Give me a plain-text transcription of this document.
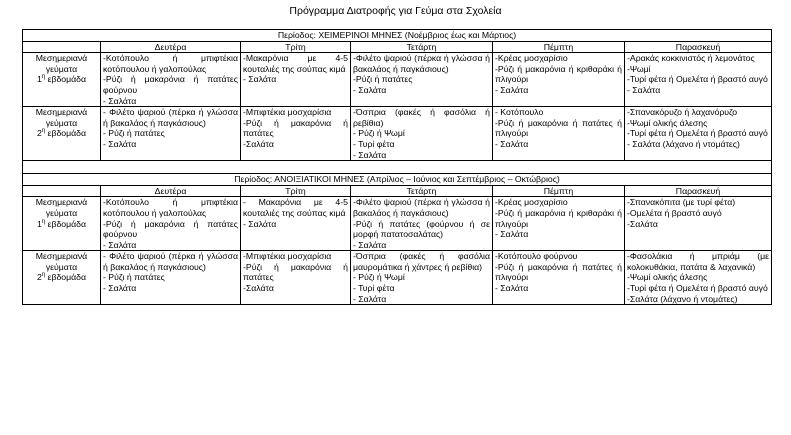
Πρόγραμμα Διατροφής για Γεύμα στα Σχολεία
Περίοδος: ΧΕΙΜΕΡΙΝΟΙ ΜΗΝΕΣ (Νοέμβριος έως και Μάρτιος)					
	Δευτέρα	Τρίτη	Τετάρτη	Πέμπτη	Παρασκευή

Μεσημεριανά γεύματα
$1^\eta$ εβδομάδα	-Κοτόπουλο ή μπιφτέκια κοτόπουλου ή γαλοπούλας
-Ρύζι ή μακαρόνια ή πατάτες φούρνου
- Σαλάτα	-Μακαρόνια με 4-5 κουταλιές της σούπας κιμά
- Σαλάτα	-Φιλέτο ψαριού (πέρκα ή γλώσσα ή βακαλάος ή παγκάσιους)
-Ρύζι ή πατάτες
- Σαλάτα	-Κρέας μοσχαρίσιο
-Ρύζι ή μακαρόνια ή κριθαράκι ή πλιγούρι
- Σαλάτα	-Αρακάς κοκκινιστός ή λεμονάτος
-Ψωμί
-Τυρί φέτα ή Ομελέτα ή βραστό αυγό
- Σαλάτα

Μεσημεριανά γεύματα
$2^\eta$ εβδομάδα	- Φιλέτο ψαριού (πέρκα ή γλώσσα ή βακαλάος ή παγκάσιους)
- Ρύζι ή πατάτες
- Σαλάτα	-Μπιφτέκια μοσχαρίσια
-Ρύζι ή μακαρόνια ή πατάτες
-Σαλάτα	-Όσπρια (φακές ή φασόλια ή ρεβίθια)
- Ρύζι ή Ψωμί
- Τυρί φέτα
- Σαλάτα	- Κοτόπουλο
-Ρύζι ή μακαρόνια ή πατάτες ή πλιγούρι
- Σαλάτα	-Σπανακόρυζο ή λαχανόρυζο
-Ψωμί ολικής άλεσης
-Τυρί φέτα ή Ομελέτα ή βραστό αυγό
- Σαλάτα (λάχανο ή ντομάτες)

Περίοδος: ΑΝΟΙΞΙΑΤΙΚΟΙ ΜΗΝΕΣ (Απρίλιος – Ιούνιος και Σεπτέμβριος – Οκτώβριος)					
	Δευτέρα	Τρίτη	Τετάρτη	Πέμπτη	Παρασκευή

Μεσημεριανά γεύματα
$1^\eta$ εβδομάδα	-Κοτόπουλο ή μπιφτέκια κοτόπουλου ή γαλοπούλας
-Ρύζι ή μακαρόνια ή πατάτες φούρνου
- Σαλάτα	- Μακαρόνια με 4-5 κουταλιές της σούπας κιμά
- Σαλάτα	-Φιλέτο ψαριού (πέρκα ή γλώσσα ή βακαλάος ή παγκάσιους)
-Ρύζι ή πατάτες (φούρνου ή σε μορφή πατατοσαλάτας)
- Σαλάτα	-Κρέας μοσχαρίσιο
-Ρύζι ή μακαρόνια ή κριθαράκι ή πλιγούρι
- Σαλάτα	-Σπανακόπιτα (με τυρί φέτα)
-Ομελέτα ή βραστό αυγό
-Σαλάτα

Μεσημεριανά γεύματα
$2^\eta$ εβδομάδα	- Φιλέτο ψαριού (πέρκα ή γλώσσα ή βακαλάος ή παγκάσιους)
- Ρύζι ή πατάτες
- Σαλάτα	-Μπιφτέκια μοσχαρίσια
-Ρύζι ή μακαρόνια ή πατάτες
-Σαλάτα	-Όσπρια (φακές ή φασόλια μαυρομάτικα ή χάντρες ή ρεβίθια)
- Ρύζι ή Ψωμί
- Τυρί φέτα
- Σαλάτα	-Κοτόπουλο φούρνου
-Ρύζι ή μακαρόνια ή πατάτες ή πλιγούρι
- Σαλάτα	-Φασολάκια ή μπριάμ (με κολοκυθάκια, πατάτα & λαχανικά)
-Ψωμί ολικής άλεσης
-Τυρί φέτα ή Ομελέτα ή βραστό αυγό
-Σαλάτα (λάχανο ή ντομάτες)
